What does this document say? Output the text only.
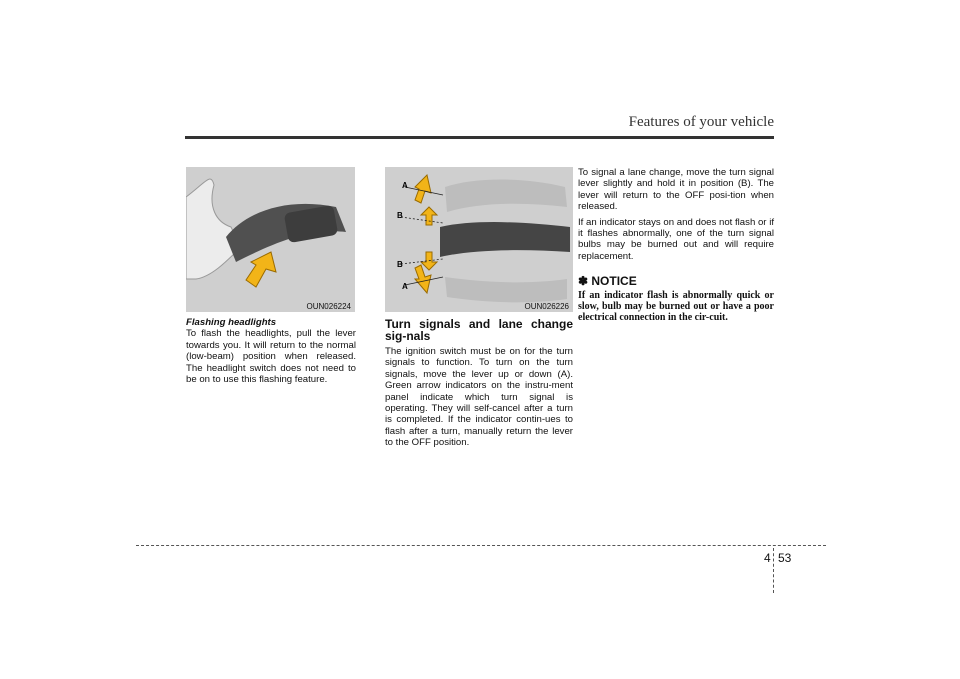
Features of your vehicle
OUN026224
A
B
B
A
OUN026226
Flashing headlights

To flash the headlights, pull the lever towards you. It will return to the normal (low-beam) position when released. The headlight switch does not need to be on to use this flashing feature.

Turn signals and lane change sig-nals

The ignition switch must be on for the turn signals to function. To turn on the turn signals, move the lever up or down (A). Green arrow indicators on the instru-ment panel indicate which turn signal is operating. They will self-cancel after a turn is completed. If the indicator contin-ues to flash after a turn, manually return the lever to the OFF position.

To signal a lane change, move the turn signal lever slightly and hold it in position (B). The lever will return to the OFF posi-tion when released.

If an indicator stays on and does not flash or if it flashes abnormally, one of the turn signal bulbs may be burned out and will require replacement.

✽ NOTICE

If an indicator flash is abnormally quick or slow, bulb may be burned out or have a poor electrical connection in the cir-cuit.

4 53
